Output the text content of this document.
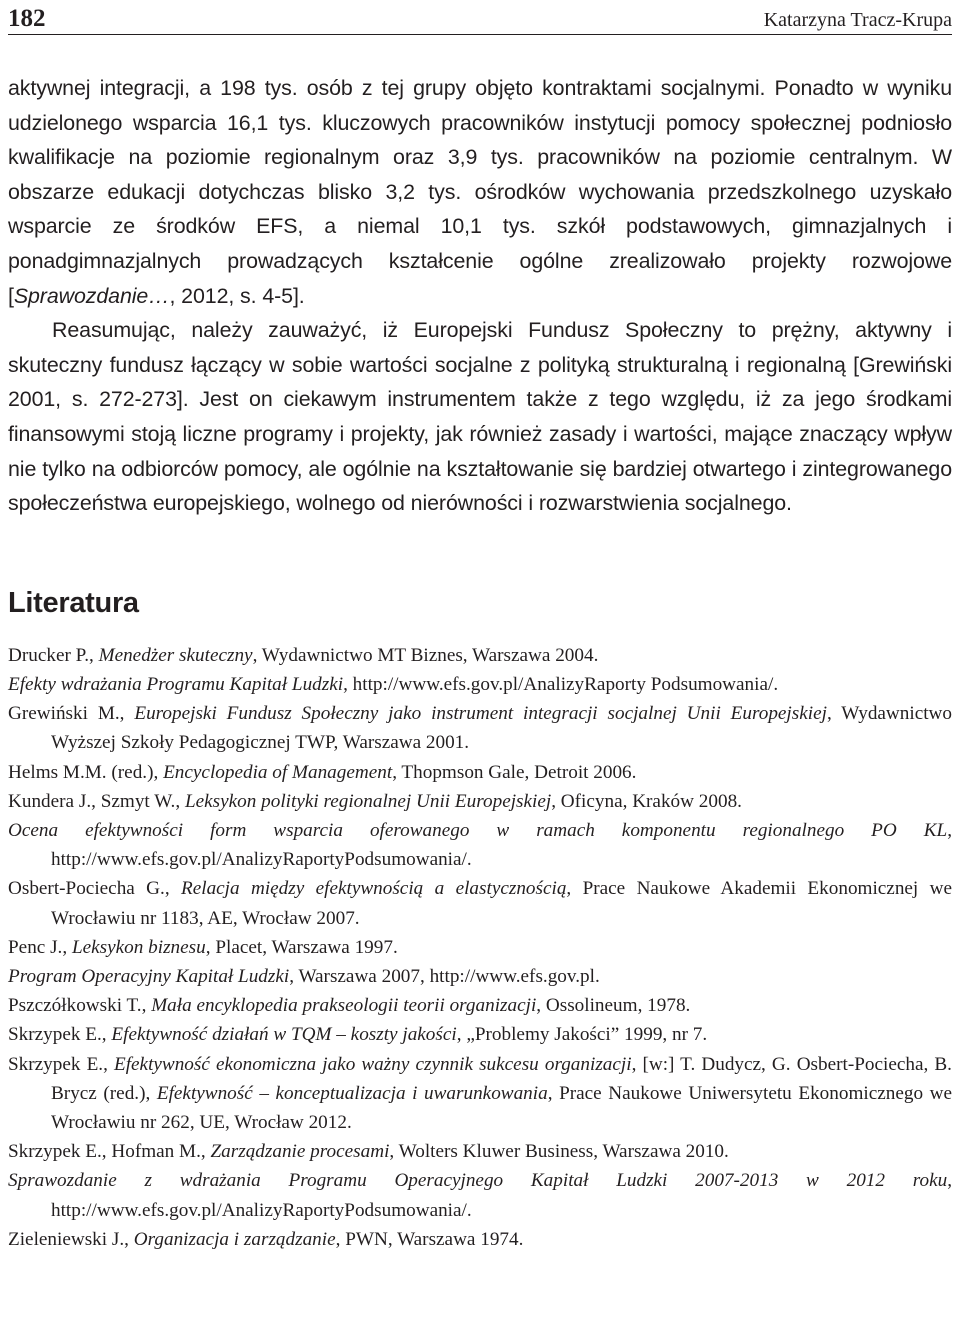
182	Katarzyna Tracz-Krupa

aktywnej integracji, a 198 tys. osób z tej grupy objęto kontraktami socjalnymi. Ponadto w wyniku udzielonego wsparcia 16,1 tys. kluczowych pracowników instytucji pomocy społecznej podniosło kwalifikacje na poziomie regionalnym oraz 3,9 tys. pracowników na poziomie centralnym. W obszarze edukacji dotychczas blisko 3,2 tys. ośrodków wychowania przedszkolnego uzyskało wsparcie ze środków EFS, a niemal 10,1 tys. szkół podstawowych, gimnazjalnych i ponadgimnazjalnych prowadzących kształcenie ogólne zrealizowało projekty rozwojowe [Sprawozdanie…, 2012, s. 4-5].

Reasumując, należy zauważyć, iż Europejski Fundusz Społeczny to prężny, aktywny i skuteczny fundusz łączący w sobie wartości socjalne z polityką strukturalną i regionalną [Grewiński 2001, s. 272-273]. Jest on ciekawym instrumentem także z tego względu, iż za jego środkami finansowymi stoją liczne programy i projekty, jak również zasady i wartości, mające znaczący wpływ nie tylko na odbiorców pomocy, ale ogólnie na kształtowanie się bardziej otwartego i zintegrowanego społeczeństwa europejskiego, wolnego od nierówności i rozwarstwienia socjalnego.

Literatura

Drucker P., Menedżer skuteczny, Wydawnictwo MT Biznes, Warszawa 2004.

Efekty wdrażania Programu Kapitał Ludzki, http://www.efs.gov.pl/AnalizyRaporty Podsumowania/.

Grewiński M., Europejski Fundusz Społeczny jako instrument integracji socjalnej Unii Europejskiej, Wydawnictwo Wyższej Szkoły Pedagogicznej TWP, Warszawa 2001.

Helms M.M. (red.), Encyclopedia of Management, Thopmson Gale, Detroit 2006.

Kundera J., Szmyt W., Leksykon polityki regionalnej Unii Europejskiej, Oficyna, Kraków 2008.

Ocena efektywności form wsparcia oferowanego w ramach komponentu regionalnego PO KL, http://www.efs.gov.pl/AnalizyRaportyPodsumowania/.

Osbert-Pociecha G., Relacja między efektywnością a elastycznością, Prace Naukowe Akademii Ekonomicznej we Wrocławiu nr 1183, AE, Wrocław 2007.

Penc J., Leksykon biznesu, Placet, Warszawa 1997.

Program Operacyjny Kapitał Ludzki, Warszawa 2007, http://www.efs.gov.pl.

Pszczółkowski T., Mała encyklopedia prakseologii teorii organizacji, Ossolineum, 1978.

Skrzypek E., Efektywność działań w TQM – koszty jakości, „Problemy Jakości” 1999, nr 7.

Skrzypek E., Efektywność ekonomiczna jako ważny czynnik sukcesu organizacji, [w:] T. Dudycz, G. Osbert-Pociecha, B. Brycz (red.), Efektywność – konceptualizacja i uwarunkowania, Prace Naukowe Uniwersytetu Ekonomicznego we Wrocławiu nr 262, UE, Wrocław 2012.

Skrzypek E., Hofman M., Zarządzanie procesami, Wolters Kluwer Business, Warszawa 2010.

Sprawozdanie z wdrażania Programu Operacyjnego Kapitał Ludzki 2007-2013 w 2012 roku, http://www.efs.gov.pl/AnalizyRaportyPodsumowania/.

Zieleniewski J., Organizacja i zarządzanie, PWN, Warszawa 1974.
